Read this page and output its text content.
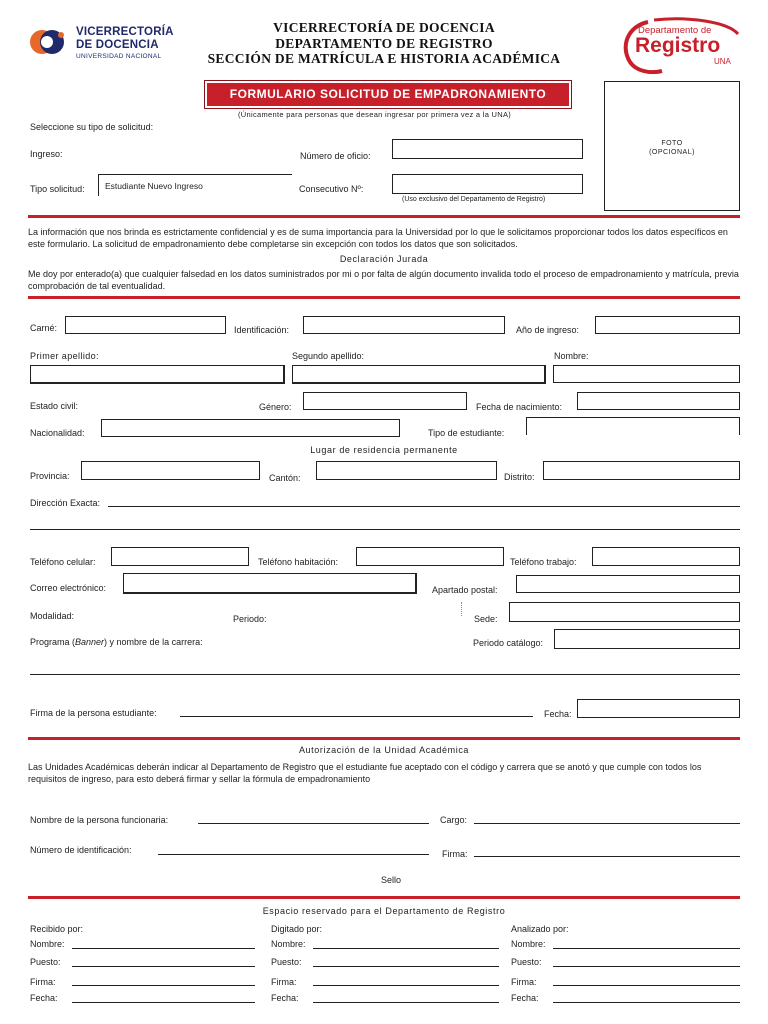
VICERRECTORÍA
DE DOCENCIA
UNIVERSIDAD NACIONAL
VICERRECTORÍA DE DOCENCIA
DEPARTAMENTO DE REGISTRO
SECCIÓN DE MATRÍCULA E HISTORIA ACADÉMICA
Departamento de
Registro
UNA
FORMULARIO SOLICITUD DE EMPADRONAMIENTO
(Únicamente para personas que desean ingresar por primera vez a la UNA)
FOTO
(OPCIONAL)
Seleccione su tipo de solicitud:
Ingreso:	Número de oficio:
Tipo solicitud: Estudiante Nuevo Ingreso	Consecutivo Nº:
(Uso exclusivo del Departamento de Registro)
La información que nos brinda es estrictamente confidencial y es de suma importancia para la Universidad por lo que le solicitamos proporcionar todos los datos específicos en este formulario. La solicitud de empadronamiento debe completarse sin excepción con todos los datos que son solicitados.
Declaración Jurada
Me doy por enterado(a) que cualquier falsedad en los datos suministrados por mi o por falta de algún documento invalida todo el proceso de empadronamiento y matrícula, previa comprobación de tal eventualidad.
Carné:	Identificación:	Año de ingreso:
Primer apellido:	Segundo apellido:	Nombre:
Estado civil:	Género:	Fecha de nacimiento:
Nacionalidad:	Tipo de estudiante:
Lugar de residencia permanente
Provincia:	Cantón:	Distrito:
Dirección Exacta:
Teléfono celular:	Teléfono habitación:	Teléfono trabajo:
Correo electrónico:	Apartado postal:
Modalidad:	Periodo:	Sede:
Programa (Banner) y nombre de la carrera:	Periodo catálogo:
Firma de la persona estudiante:	Fecha:
Autorización de la Unidad Académica
Las Unidades Académicas deberán indicar al Departamento de Registro que el estudiante fue aceptado con el código y carrera que se anotó y que cumple con todos los requisitos de ingreso, para esto deberá firmar y sellar la fórmula de empadronamiento
Nombre de la persona funcionaria:	Cargo:
Número de identificación:	Firma:
Sello
Espacio reservado para el Departamento de Registro
Recibido por:
Nombre:
Puesto:
Firma:
Fecha:
Digitado por:
Nombre:
Puesto:
Firma:
Fecha:
Analizado por:
Nombre:
Puesto:
Firma:
Fecha:
